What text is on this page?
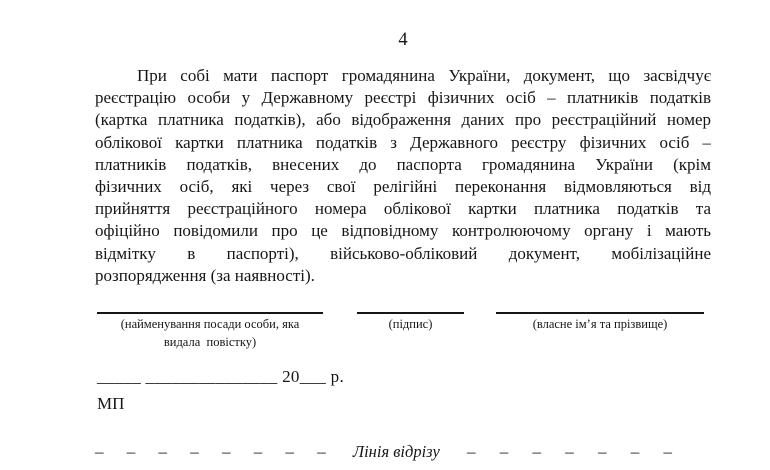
4
При собі мати паспорт громадянина України, документ, що засвідчує
реєстрацію особи у Державному реєстрі фізичних осіб – платників податків
(картка платника податків), або відображення даних про реєстраційний номер
облікової картки платника податків з Державного реєстру фізичних осіб –
платників податків, внесених до паспорта громадянина України (крім
фізичних осіб, які через свої релігійні переконання відмовляються від
прийняття реєстраційного номера облікової картки платника податків та
офіційно повідомили про це відповідному контролюючому органу і мають
відмітку в паспорті), військово-обліковий документ, мобілізаційне
розпорядження (за наявності).
(найменування посади особи, яка
видала  повістку)
(підпис)	(власне ім’я та прізвище)
_____ _______________ 20___ р.
МП
– – – – – – – –	Лінія відрізу	– – – – – – –
